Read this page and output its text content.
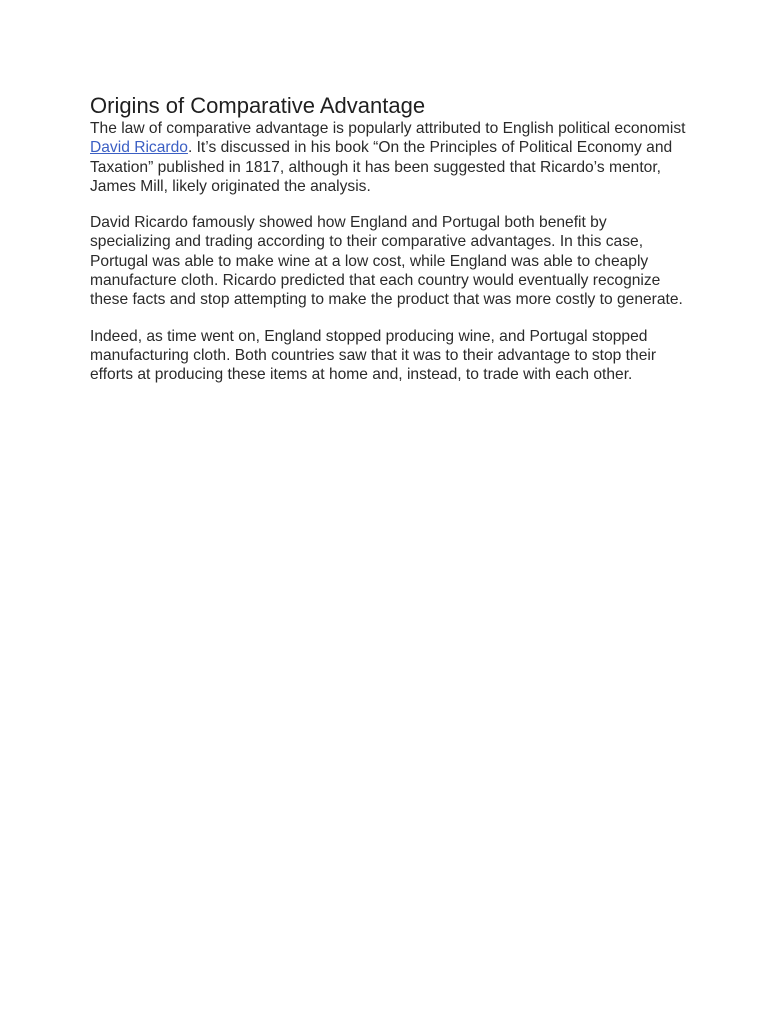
Origins of Comparative Advantage

The law of comparative advantage is popularly attributed to English political economist David Ricardo. It’s discussed in his book “On the Principles of Political Economy and Taxation” published in 1817, although it has been suggested that Ricardo’s mentor, James Mill, likely originated the analysis.

David Ricardo famously showed how England and Portugal both benefit by specializing and trading according to their comparative advantages. In this case, Portugal was able to make wine at a low cost, while England was able to cheaply manufacture cloth. Ricardo predicted that each country would eventually recognize these facts and stop attempting to make the product that was more costly to generate.

Indeed, as time went on, England stopped producing wine, and Portugal stopped manufacturing cloth. Both countries saw that it was to their advantage to stop their efforts at producing these items at home and, instead, to trade with each other.
